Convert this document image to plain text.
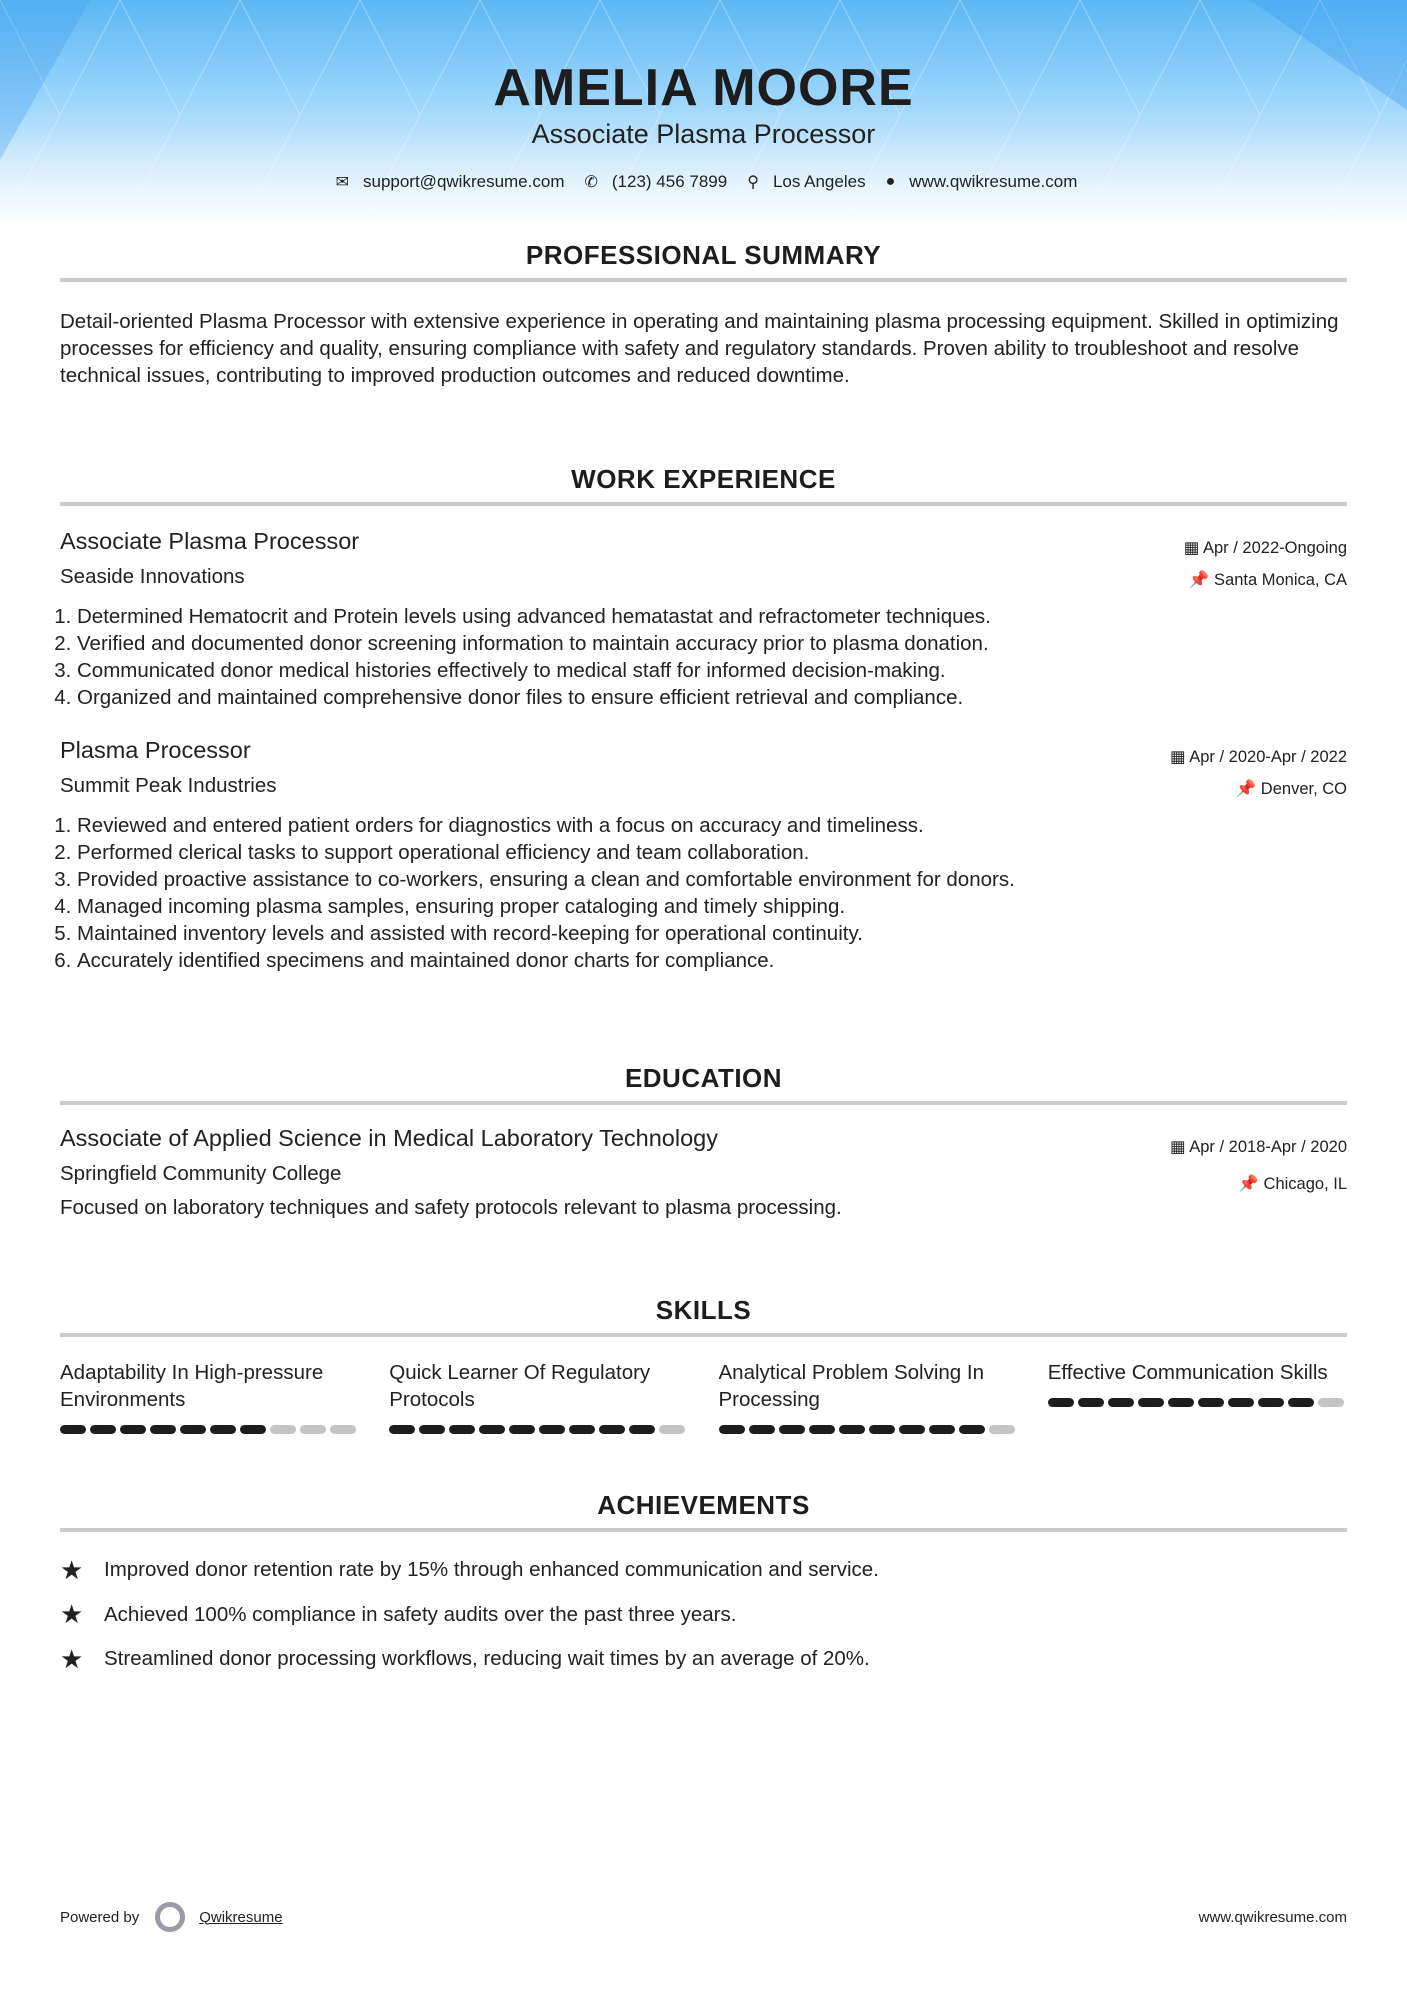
AMELIA MOORE
Associate Plasma Processor
✉ support@qwikresume.com ✆ (123) 456 7899 ⚲ Los Angeles ● www.qwikresume.com
PROFESSIONAL SUMMARY
Detail-oriented Plasma Processor with extensive experience in operating and maintaining plasma processing equipment. Skilled in optimizing processes for efficiency and quality, ensuring compliance with safety and regulatory standards. Proven ability to troubleshoot and resolve technical issues, contributing to improved production outcomes and reduced downtime.
WORK EXPERIENCE
Associate Plasma Processor
Seaside Innovations
▦ Apr / 2022-Ongoing
📌 Santa Monica, CA
1. Determined Hematocrit and Protein levels using advanced hematastat and refractometer techniques.
2. Verified and documented donor screening information to maintain accuracy prior to plasma donation.
3. Communicated donor medical histories effectively to medical staff for informed decision-making.
4. Organized and maintained comprehensive donor files to ensure efficient retrieval and compliance.
Plasma Processor
Summit Peak Industries
▦ Apr / 2020-Apr / 2022
📌 Denver, CO
1. Reviewed and entered patient orders for diagnostics with a focus on accuracy and timeliness.
2. Performed clerical tasks to support operational efficiency and team collaboration.
3. Provided proactive assistance to co-workers, ensuring a clean and comfortable environment for donors.
4. Managed incoming plasma samples, ensuring proper cataloging and timely shipping.
5. Maintained inventory levels and assisted with record-keeping for operational continuity.
6. Accurately identified specimens and maintained donor charts for compliance.
EDUCATION
Associate of Applied Science in Medical Laboratory Technology
Springfield Community College
▦ Apr / 2018-Apr / 2020
📌 Chicago, IL
Focused on laboratory techniques and safety protocols relevant to plasma processing.
SKILLS
Adaptability In High-pressure Environments
Quick Learner Of Regulatory Protocols
Analytical Problem Solving In Processing
Effective Communication Skills
ACHIEVEMENTS
★	Improved donor retention rate by 15% through enhanced communication and service.
★	Achieved 100% compliance in safety audits over the past three years.
★	Streamlined donor processing workflows, reducing wait times by an average of 20%.
Powered by	Qwikresume	www.qwikresume.com
